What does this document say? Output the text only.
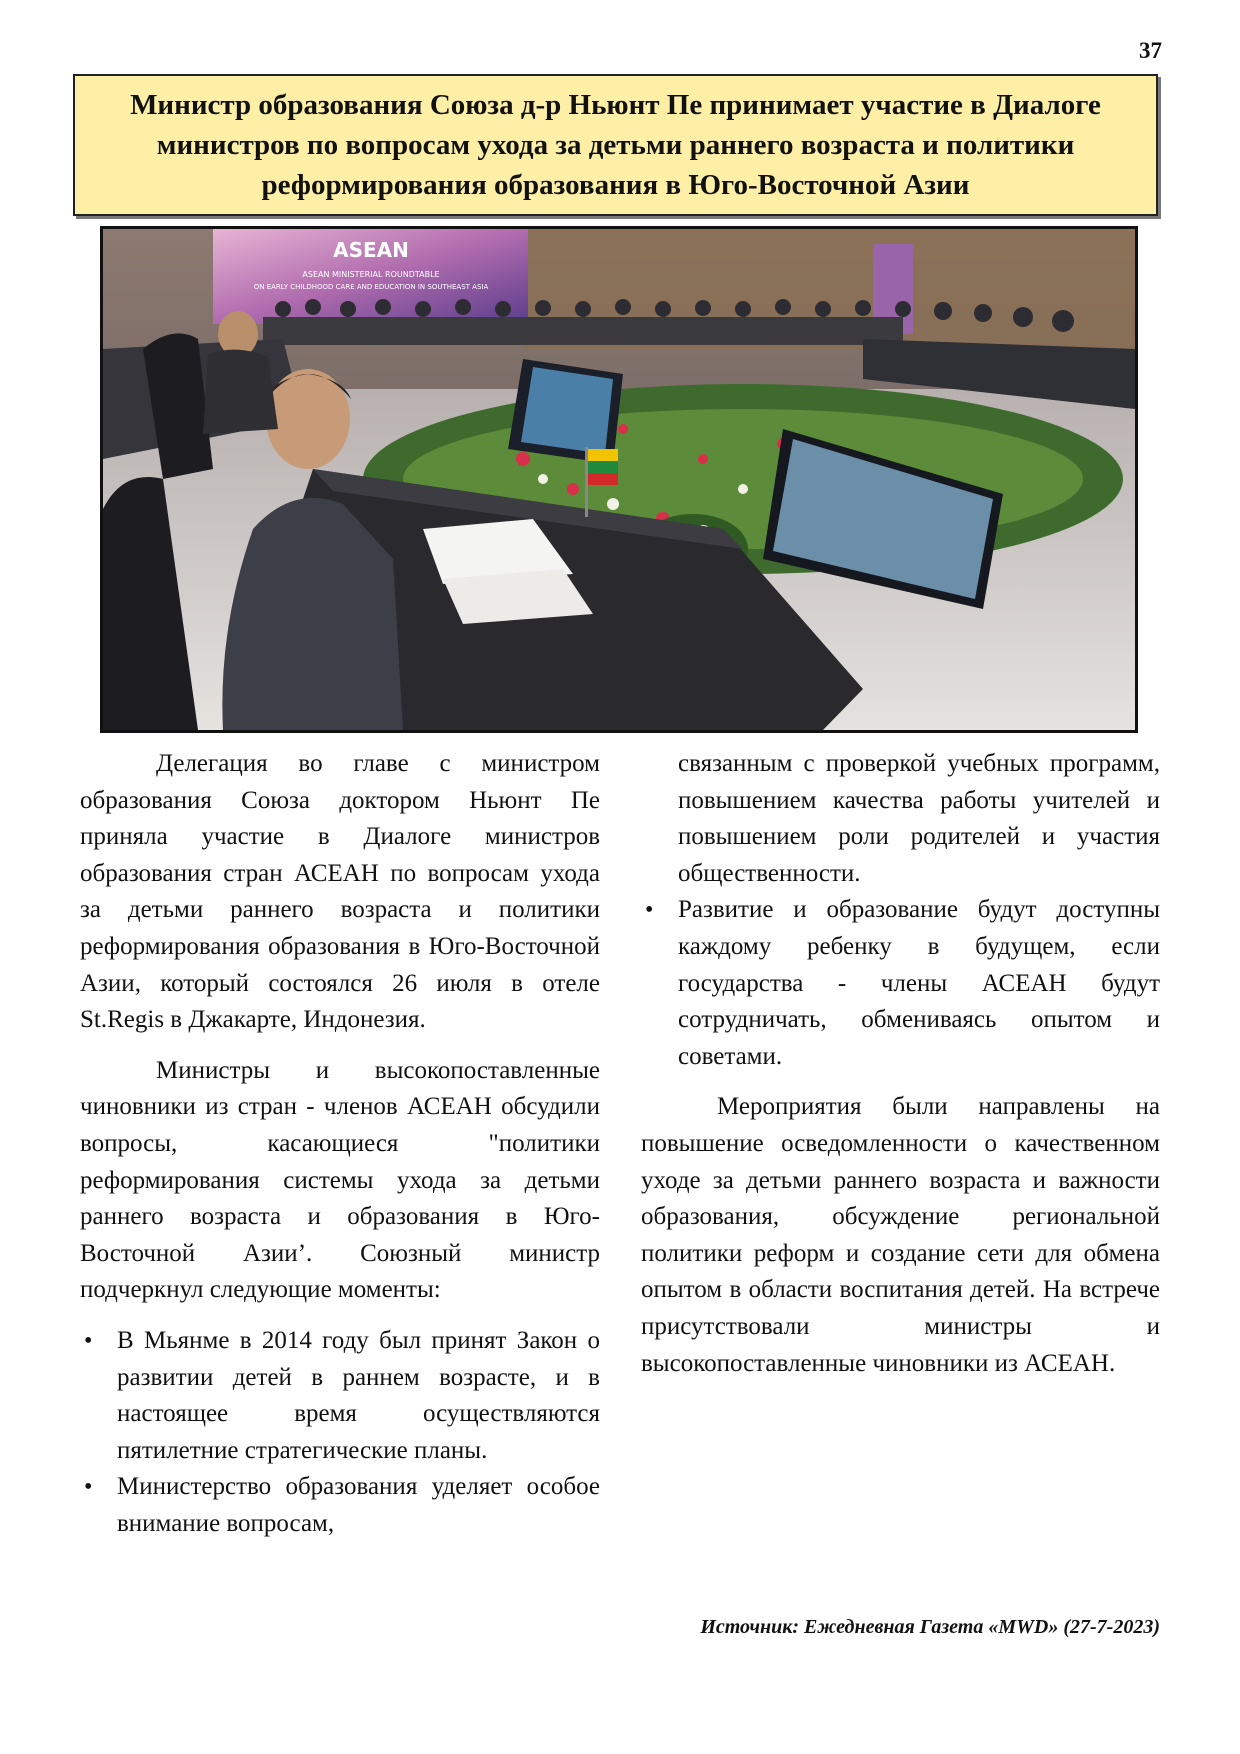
37
Министр образования Союза д-р Ньюнт Пе принимает участие в Диалоге министров по вопросам ухода за детьми раннего возраста и политики реформирования образования в Юго-Восточной Азии
ASEAN
ASEAN MINISTERIAL ROUNDTABLE
ON EARLY CHILDHOOD CARE AND EDUCATION IN SOUTHEAST ASIA

Делегация во главе с министром образования Союза доктором Ньюнт Пе приняла участие в Диалоге министров образования стран АСЕАН по вопросам ухода за детьми раннего возраста и политики реформирования образования в Юго-Восточной Азии, который состоялся 26 июля в отеле St.Regis в Джакарте, Индонезия.

Министры и высокопоставленные чиновники из стран - членов АСЕАН обсудили вопросы, касающиеся "политики реформирования системы ухода за детьми раннего возраста и образования в Юго-Восточной Азии’. Союзный министр подчеркнул следующие моменты:

• В Мьянме в 2014 году был принят Закон о развитии детей в раннем возрасте, и в настоящее время осуществляются пятилетние стратегические планы.
• Министерство образования уделяет особое внимание вопросам,

связанным с проверкой учебных программ, повышением качества работы учителей и повышением роли родителей и участия общественности.

• Развитие и образование будут доступны каждому ребенку в будущем, если государства - члены АСЕАН будут сотрудничать, обмениваясь опытом и советами.

Мероприятия были направлены на повышение осведомленности о качественном уходе за детьми раннего возраста и важности образования, обсуждение региональной политики реформ и создание сети для обмена опытом в области воспитания детей. На встрече присутствовали министры и высокопоставленные чиновники из АСЕАН.

Источник: Ежедневная Газета «MWD» (27-7-2023)
